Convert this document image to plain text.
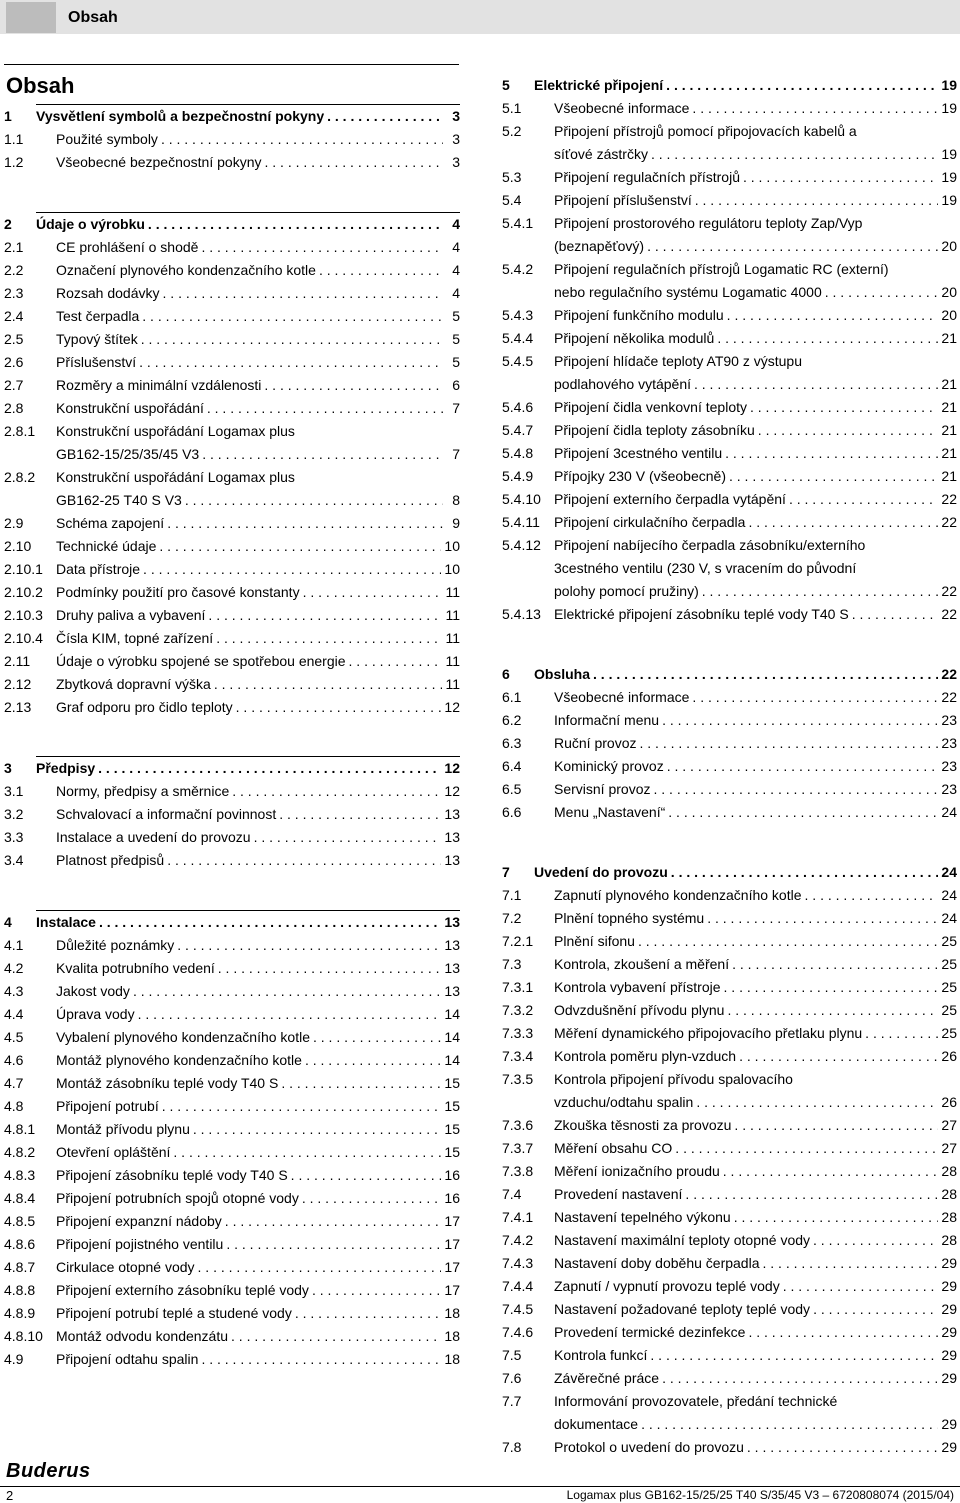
Obsah
Obsah
1	Vysvětlení symbolů a bezpečnostní pokyny . . .	3
1.1	Použité symboly . . .	3
1.2	Všeobecné bezpečnostní pokyny . . .	3
2	Údaje o výrobku . . .	4
2.1	CE prohlášení o shodě . . .	4
2.2	Označení plynového kondenzačního kotle . . .	4
2.3	Rozsah dodávky . . .	4
2.4	Test čerpadla . . .	5
2.5	Typový štítek . . .	5
2.6	Příslušenství . . .	5
2.7	Rozměry a minimální vzdálenosti . . .	6
2.8	Konstrukční uspořádání . . .	7
2.8.1	Konstrukční uspořádání Logamax plus
GB162-15/25/35/45 V3 . . .	7
2.8.2	Konstrukční uspořádání Logamax plus
GB162-25 T40 S V3 . . .	8
2.9	Schéma zapojení . . .	9
2.10	Technické údaje . . .	10
2.10.1 Data přístroje . . .	10
2.10.2 Podmínky použití pro časové konstanty . . .	11
2.10.3 Druhy paliva a vybavení . . .	11
2.10.4 Čísla KIM, topné zařízení . . .	11
2.11	Údaje o výrobku spojené se spotřebou energie . . .	11
2.12	Zbytková dopravní výška . . .	11
2.13	Graf odporu pro čidlo teploty . . .	12
3	Předpisy . . .	12
3.1	Normy, předpisy a směrnice . . .	12
3.2	Schvalovací a informační povinnost . . .	13
3.3	Instalace a uvedení do provozu . . .	13
3.4	Platnost předpisů . . .	13
4	Instalace . . .	13
4.1	Důležité poznámky . . .	13
4.2	Kvalita potrubního vedení . . .	13
4.3	Jakost vody . . .	13
4.4	Úprava vody . . .	14
4.5	Vybalení plynového kondenzačního kotle . . .	14
4.6	Montáž plynového kondenzačního kotle . . .	14
4.7	Montáž zásobníku teplé vody T40 S . . .	15
4.8	Připojení potrubí . . .	15
4.8.1	Montáž přívodu plynu . . .	15
4.8.2	Otevření opláštění . . .	15
4.8.3	Připojení zásobníku teplé vody T40 S . . .	16
4.8.4	Připojení potrubních spojů otopné vody . . .	16
4.8.5	Připojení expanzní nádoby . . .	17
4.8.6	Připojení pojistného ventilu . . .	17
4.8.7	Cirkulace otopné vody . . .	17
4.8.8	Připojení externího zásobníku teplé vody . . .	17
4.8.9	Připojení potrubí teplé a studené vody . . .	18
4.8.10 Montáž odvodu kondenzátu . . .	18
4.9	Připojení odtahu spalin . . .	18
5	Elektrické připojení . . .	19
5.1	Všeobecné informace . . .	19
5.2	Připojení přístrojů pomocí připojovacích kabelů a
síťové zástrčky . . .	19
5.3	Připojení regulačních přístrojů . . .	19
5.4	Připojení příslušenství . . .	19
5.4.1	Připojení prostorového regulátoru teploty Zap/Vyp
(beznapěťový) . . .	20
5.4.2	Připojení regulačních přístrojů Logamatic RC (externí)
nebo regulačního systému Logamatic 4000 . . .	20
5.4.3	Připojení funkčního modulu . . .	20
5.4.4	Připojení několika modulů . . .	21
5.4.5	Připojení hlídače teploty AT90 z výstupu
podlahového vytápění . . .	21
5.4.6	Připojení čidla venkovní teploty . . .	21
5.4.7	Připojení čidla teploty zásobníku . . .	21
5.4.8	Připojení 3cestného ventilu . . .	21
5.4.9	Přípojky 230 V (všeobecně) . . .	21
5.4.10 Připojení externího čerpadla vytápění . . .	22
5.4.11	Připojení cirkulačního čerpadla . . .	22
5.4.12 Připojení nabíjecího čerpadla zásobníku/externího
3cestného ventilu (230 V, s vracením do původní
polohy pomocí pružiny) . . .	22
5.4.13 Elektrické připojení zásobníku teplé vody T40 S . . .	22
6	Obsluha . . .	22
6.1	Všeobecné informace . . .	22
6.2	Informační menu . . .	23
6.3	Ruční provoz . . .	23
6.4	Kominický provoz . . .	23
6.5	Servisní provoz . . .	23
6.6	Menu „Nastavení“ . . .	24
7	Uvedení do provozu . . .	24
7.1	Zapnutí plynového kondenzačního kotle . . .	24
7.2	Plnění topného systému . . .	24
7.2.1	Plnění sifonu . . .	25
7.3	Kontrola, zkoušení a měření . . .	25
7.3.1	Kontrola vybavení přístroje . . .	25
7.3.2	Odvzdušnění přívodu plynu . . .	25
7.3.3	Měření dynamického připojovacího přetlaku plynu . . .	25
7.3.4	Kontrola poměru plyn-vzduch . . .	26
7.3.5	Kontrola připojení přívodu spalovacího
vzduchu/odtahu spalin . . .	26
7.3.6	Zkouška těsnosti za provozu . . .	27
7.3.7	Měření obsahu CO . . .	27
7.3.8	Měření ionizačního proudu . . .	28
7.4	Provedení nastavení . . .	28
7.4.1	Nastavení tepelného výkonu . . .	28
7.4.2	Nastavení maximální teploty otopné vody . . .	28
7.4.3	Nastavení doby doběhu čerpadla . . .	29
7.4.4	Zapnutí / vypnutí provozu teplé vody . . .	29
7.4.5	Nastavení požadované teploty teplé vody . . .	29
7.4.6	Provedení termické dezinfekce . . .	29
7.5	Kontrola funkcí . . .	29
7.6	Závěrečné práce . . .	29
7.7	Informování provozovatele, předání technické
dokumentace . . .	29
7.8	Protokol o uvedení do provozu . . .	29
Buderus
2	Logamax plus GB162-15/25/25 T40 S/35/45 V3 – 6720808074 (2015/04)
